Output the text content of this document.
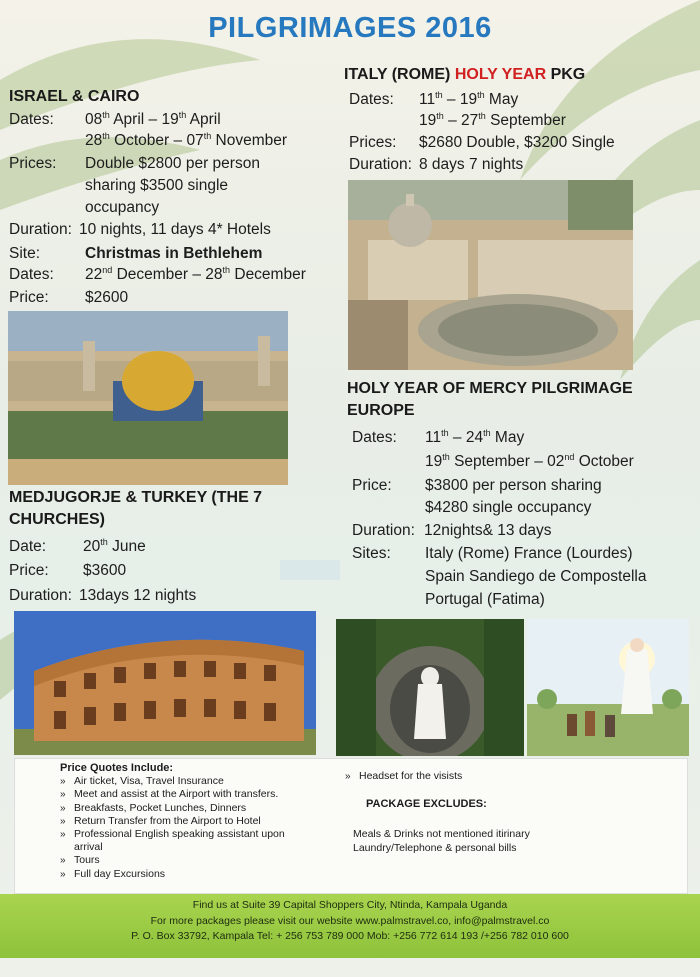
PILGRIMAGES 2016
ISRAEL & CAIRO
Dates: 08th April – 19th April
28th October – 07th November
Prices: Double $2800 per person
sharing $3500 single
occupancy
Duration: 10 nights, 11 days 4* Hotels
Site:	Christmas in Bethlehem
Dates: 22nd December – 28th December
Price: $2600
ITALY (ROME) HOLY YEAR PKG
Dates: 11th – 19th May
19th – 27th September
Prices: $2680 Double, $3200 Single
Duration: 8 days 7 nights
HOLY YEAR OF MERCY PILGRIMAGE
EUROPE
Dates: 11th – 24th May
19th September – 02nd October
Price: $3800 per person sharing
$4280 single occupancy
Duration: 12nights& 13 days
Sites: Italy (Rome) France (Lourdes)
Spain Sandiego de Compostella
Portugal (Fatima)
MEDJUGORJE & TURKEY (THE 7
CHURCHES)
Date: 20th June
Price: $3600
Duration: 13days 12 nights
Price Quotes Include:
» Air ticket, Visa, Travel Insurance
» Meet and assist at the Airport with transfers.
» Breakfasts, Pocket Lunches, Dinners
» Return Transfer from the Airport to Hotel
» Professional English speaking assistant upon
arrival
» Tours
» Full day Excursions
» Headset for the visists
PACKAGE EXCLUDES:
Meals & Drinks not mentioned itirinary
Laundry/Telephone & personal bills
Find us at Suite 39 Capital Shoppers City, Ntinda, Kampala Uganda
For more packages please visit our website www.palmstravel.co, info@palmstravel.co
P. O. Box 33792, Kampala Tel: + 256 753 789 000 Mob: +256 772 614 193 /+256 782 010 600
